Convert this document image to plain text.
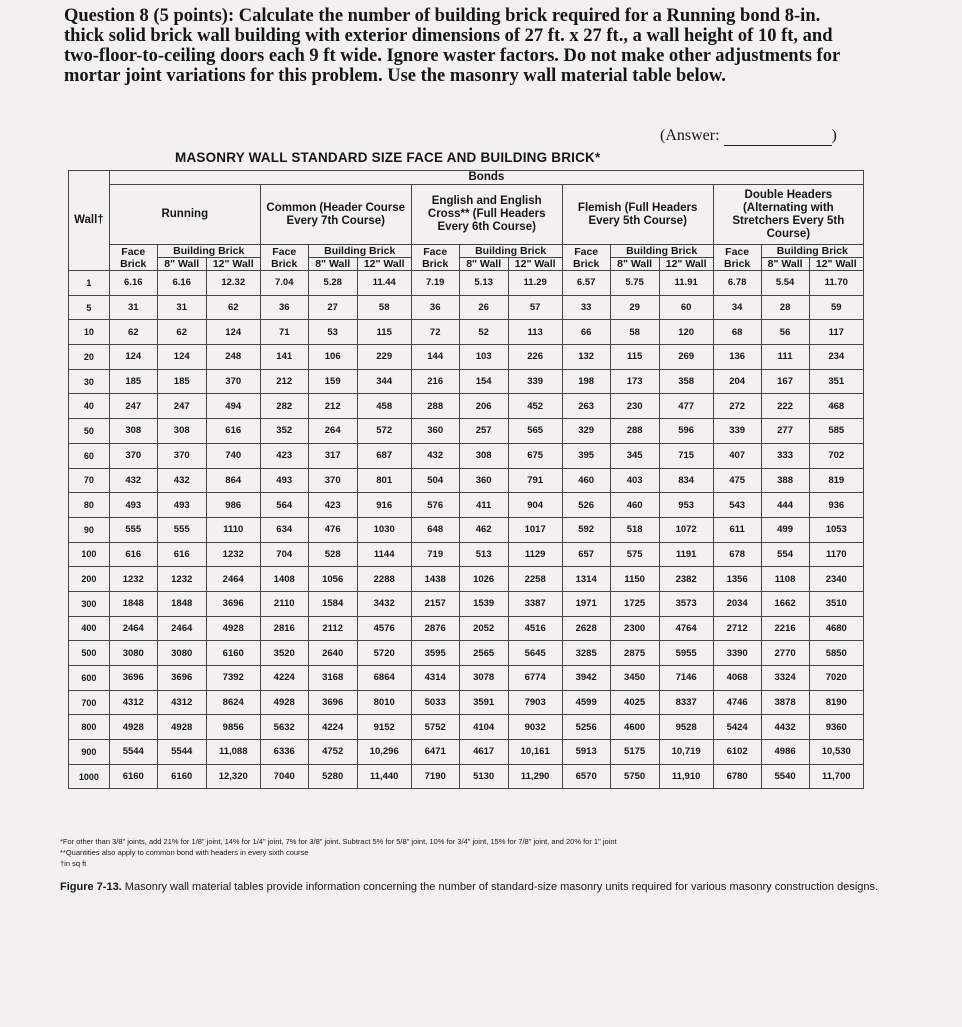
Question 8 (5 points): Calculate the number of building brick required for a Running bond 8-in. thick solid brick wall building with exterior dimensions of 27 ft. x 27 ft., a wall height of 10 ft, and two-floor-to-ceiling doors each 9 ft wide. Ignore waster factors. Do not make other adjustments for mortar joint variations for this problem. Use the masonry wall material table below.
(Answer:	)
MASONRY WALL STANDARD SIZE FACE AND BUILDING BRICK*
Wall†	Bonds														
	Running			Common (Header Course Every 7th Course)			English and English Cross** (Full Headers Every 6th Course)			Flemish (Full Headers Every 5th Course)			Double Headers (Alternating with Stretchers Every 5th Course)		
	Face Brick	Building Brick		Face Brick	Building Brick		Face Brick	Building Brick		Face Brick	Building Brick		Face Brick	Building Brick	
		8" Wall	12" Wall		8" Wall	12" Wall		8" Wall	12" Wall		8" Wall	12" Wall		8" Wall	12" Wall
1	6.16	6.16	12.32	7.04	5.28	11.44	7.19	5.13	11.29	6.57	5.75	11.91	6.78	5.54	11.70
5	31	31	62	36	27	58	36	26	57	33	29	60	34	28	59
10	62	62	124	71	53	115	72	52	113	66	58	120	68	56	117
20	124	124	248	141	106	229	144	103	226	132	115	269	136	111	234
30	185	185	370	212	159	344	216	154	339	198	173	358	204	167	351
40	247	247	494	282	212	458	288	206	452	263	230	477	272	222	468
50	308	308	616	352	264	572	360	257	565	329	288	596	339	277	585
60	370	370	740	423	317	687	432	308	675	395	345	715	407	333	702
70	432	432	864	493	370	801	504	360	791	460	403	834	475	388	819
80	493	493	986	564	423	916	576	411	904	526	460	953	543	444	936
90	555	555	1110	634	476	1030	648	462	1017	592	518	1072	611	499	1053
100	616	616	1232	704	528	1144	719	513	1129	657	575	1191	678	554	1170
200	1232	1232	2464	1408	1056	2288	1438	1026	2258	1314	1150	2382	1356	1108	2340
300	1848	1848	3696	2110	1584	3432	2157	1539	3387	1971	1725	3573	2034	1662	3510
400	2464	2464	4928	2816	2112	4576	2876	2052	4516	2628	2300	4764	2712	2216	4680
500	3080	3080	6160	3520	2640	5720	3595	2565	5645	3285	2875	5955	3390	2770	5850
600	3696	3696	7392	4224	3168	6864	4314	3078	6774	3942	3450	7146	4068	3324	7020
700	4312	4312	8624	4928	3696	8010	5033	3591	7903	4599	4025	8337	4746	3878	8190
800	4928	4928	9856	5632	4224	9152	5752	4104	9032	5256	4600	9528	5424	4432	9360
900	5544	5544	11,088	6336	4752	10,296	6471	4617	10,161	5913	5175	10,719	6102	4986	10,530
1000	6160	6160	12,320	7040	5280	11,440	7190	5130	11,290	6570	5750	11,910	6780	5540	11,700
*For other than 3/8" joints, add 21% for 1/8" joint, 14% for 1/4" joint, 7% for 3/8" joint. Subtract 5% for 5/8" joint, 10% for 3/4" joint, 15% for 7/8" joint, and 20% for 1" joint
**Quantities also apply to common bond with headers in every sixth course
†in sq ft
Figure 7-13. Masonry wall material tables provide information concerning the number of standard-size masonry units required for various masonry construction designs.
